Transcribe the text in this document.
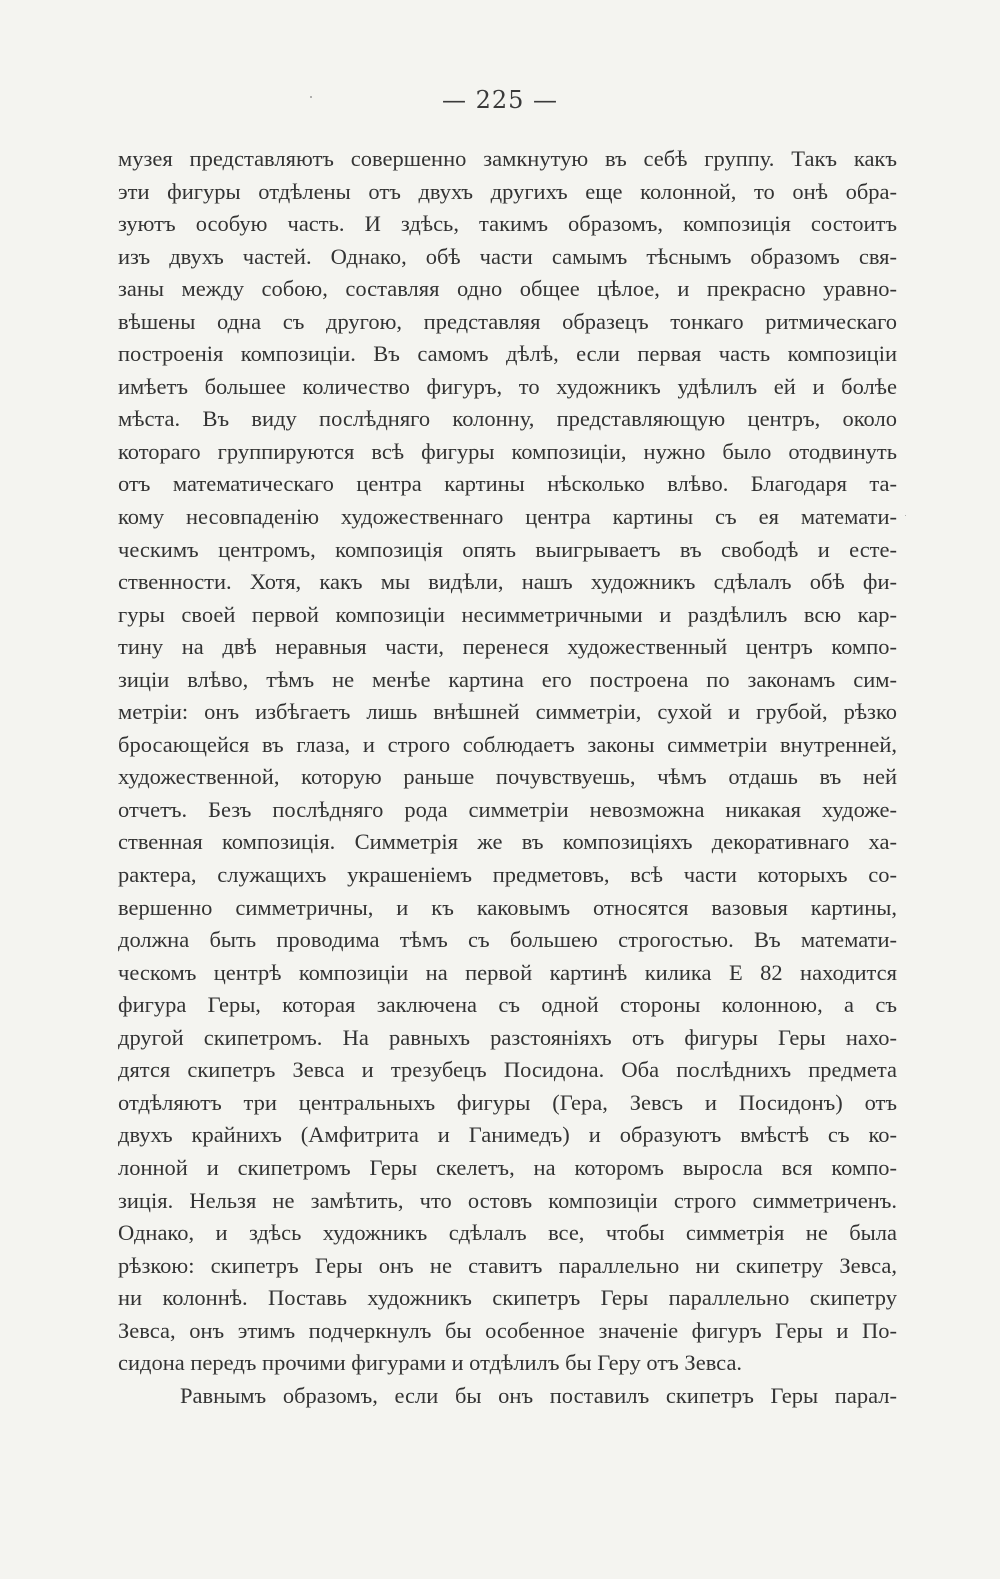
— 225 —
музея представляютъ совершенно замкнутую въ себѣ группу. Такъ какъ
эти фигуры отдѣлены отъ двухъ другихъ еще колонной, то онѣ обра-
зуютъ особую часть. И здѣсь, такимъ образомъ, композиція состоитъ
изъ двухъ частей. Однако, обѣ части самымъ тѣснымъ образомъ свя-
заны между собою, составляя одно общее цѣлое, и прекрасно уравно-
вѣшены одна съ другою, представляя образецъ тонкаго ритмическаго
построенія композиціи. Въ самомъ дѣлѣ, если первая часть композиціи
имѣетъ большее количество фигуръ, то художникъ удѣлилъ ей и болѣе
мѣста. Въ виду послѣдняго колонну, представляющую центръ, около
котораго группируются всѣ фигуры композиціи, нужно было отодвинуть
отъ математическаго центра картины нѣсколько влѣво. Благодаря та-
кому несовпаденію художественнаго центра картины съ ея математи-
ческимъ центромъ, композиція опять выигрываетъ въ свободѣ и есте-
ственности. Хотя, какъ мы видѣли, нашъ художникъ сдѣлалъ обѣ фи-
гуры своей первой композиціи несимметричными и раздѣлилъ всю кар-
тину на двѣ неравныя части, перенеся художественный центръ компо-
зиціи влѣво, тѣмъ не менѣе картина его построена по законамъ сим-
метріи: онъ избѣгаетъ лишь внѣшней симметріи, сухой и грубой, рѣзко
бросающейся въ глаза, и строго соблюдаетъ законы симметріи внутренней,
художественной, которую раньше почувствуешь, чѣмъ отдашь въ ней
отчетъ. Безъ послѣдняго рода симметріи невозможна никакая художе-
ственная композиція. Симметрія же въ композиціяхъ декоративнаго ха-
рактера, служащихъ украшеніемъ предметовъ, всѣ части которыхъ со-
вершенно симметричны, и къ каковымъ относятся вазовыя картины,
должна быть проводима тѣмъ съ большею строгостью. Въ математи-
ческомъ центрѣ композиціи на первой картинѣ килика Е 82 находится
фигура Геры, которая заключена съ одной стороны колонною, а съ
другой скипетромъ. На равныхъ разстояніяхъ отъ фигуры Геры нахо-
дятся скипетръ Зевса и трезубецъ Посидона. Оба послѣднихъ предмета
отдѣляютъ три центральныхъ фигуры (Гера, Зевсъ и Посидонъ) отъ
двухъ крайнихъ (Амфитрита и Ганимедъ) и образуютъ вмѣстѣ съ ко-
лонной и скипетромъ Геры скелетъ, на которомъ выросла вся компо-
зиція. Нельзя не замѣтить, что остовъ композиціи строго симметриченъ.
Однако, и здѣсь художникъ сдѣлалъ все, чтобы симметрія не была
рѣзкою: скипетръ Геры онъ не ставитъ параллельно ни скипетру Зевса,
ни колоннѣ. Поставь художникъ скипетръ Геры параллельно скипетру
Зевса, онъ этимъ подчеркнулъ бы особенное значеніе фигуръ Геры и По-
сидона передъ прочими фигурами и отдѣлилъ бы Геру отъ Зевса.
Равнымъ образомъ, если бы онъ поставилъ скипетръ Геры парал-
